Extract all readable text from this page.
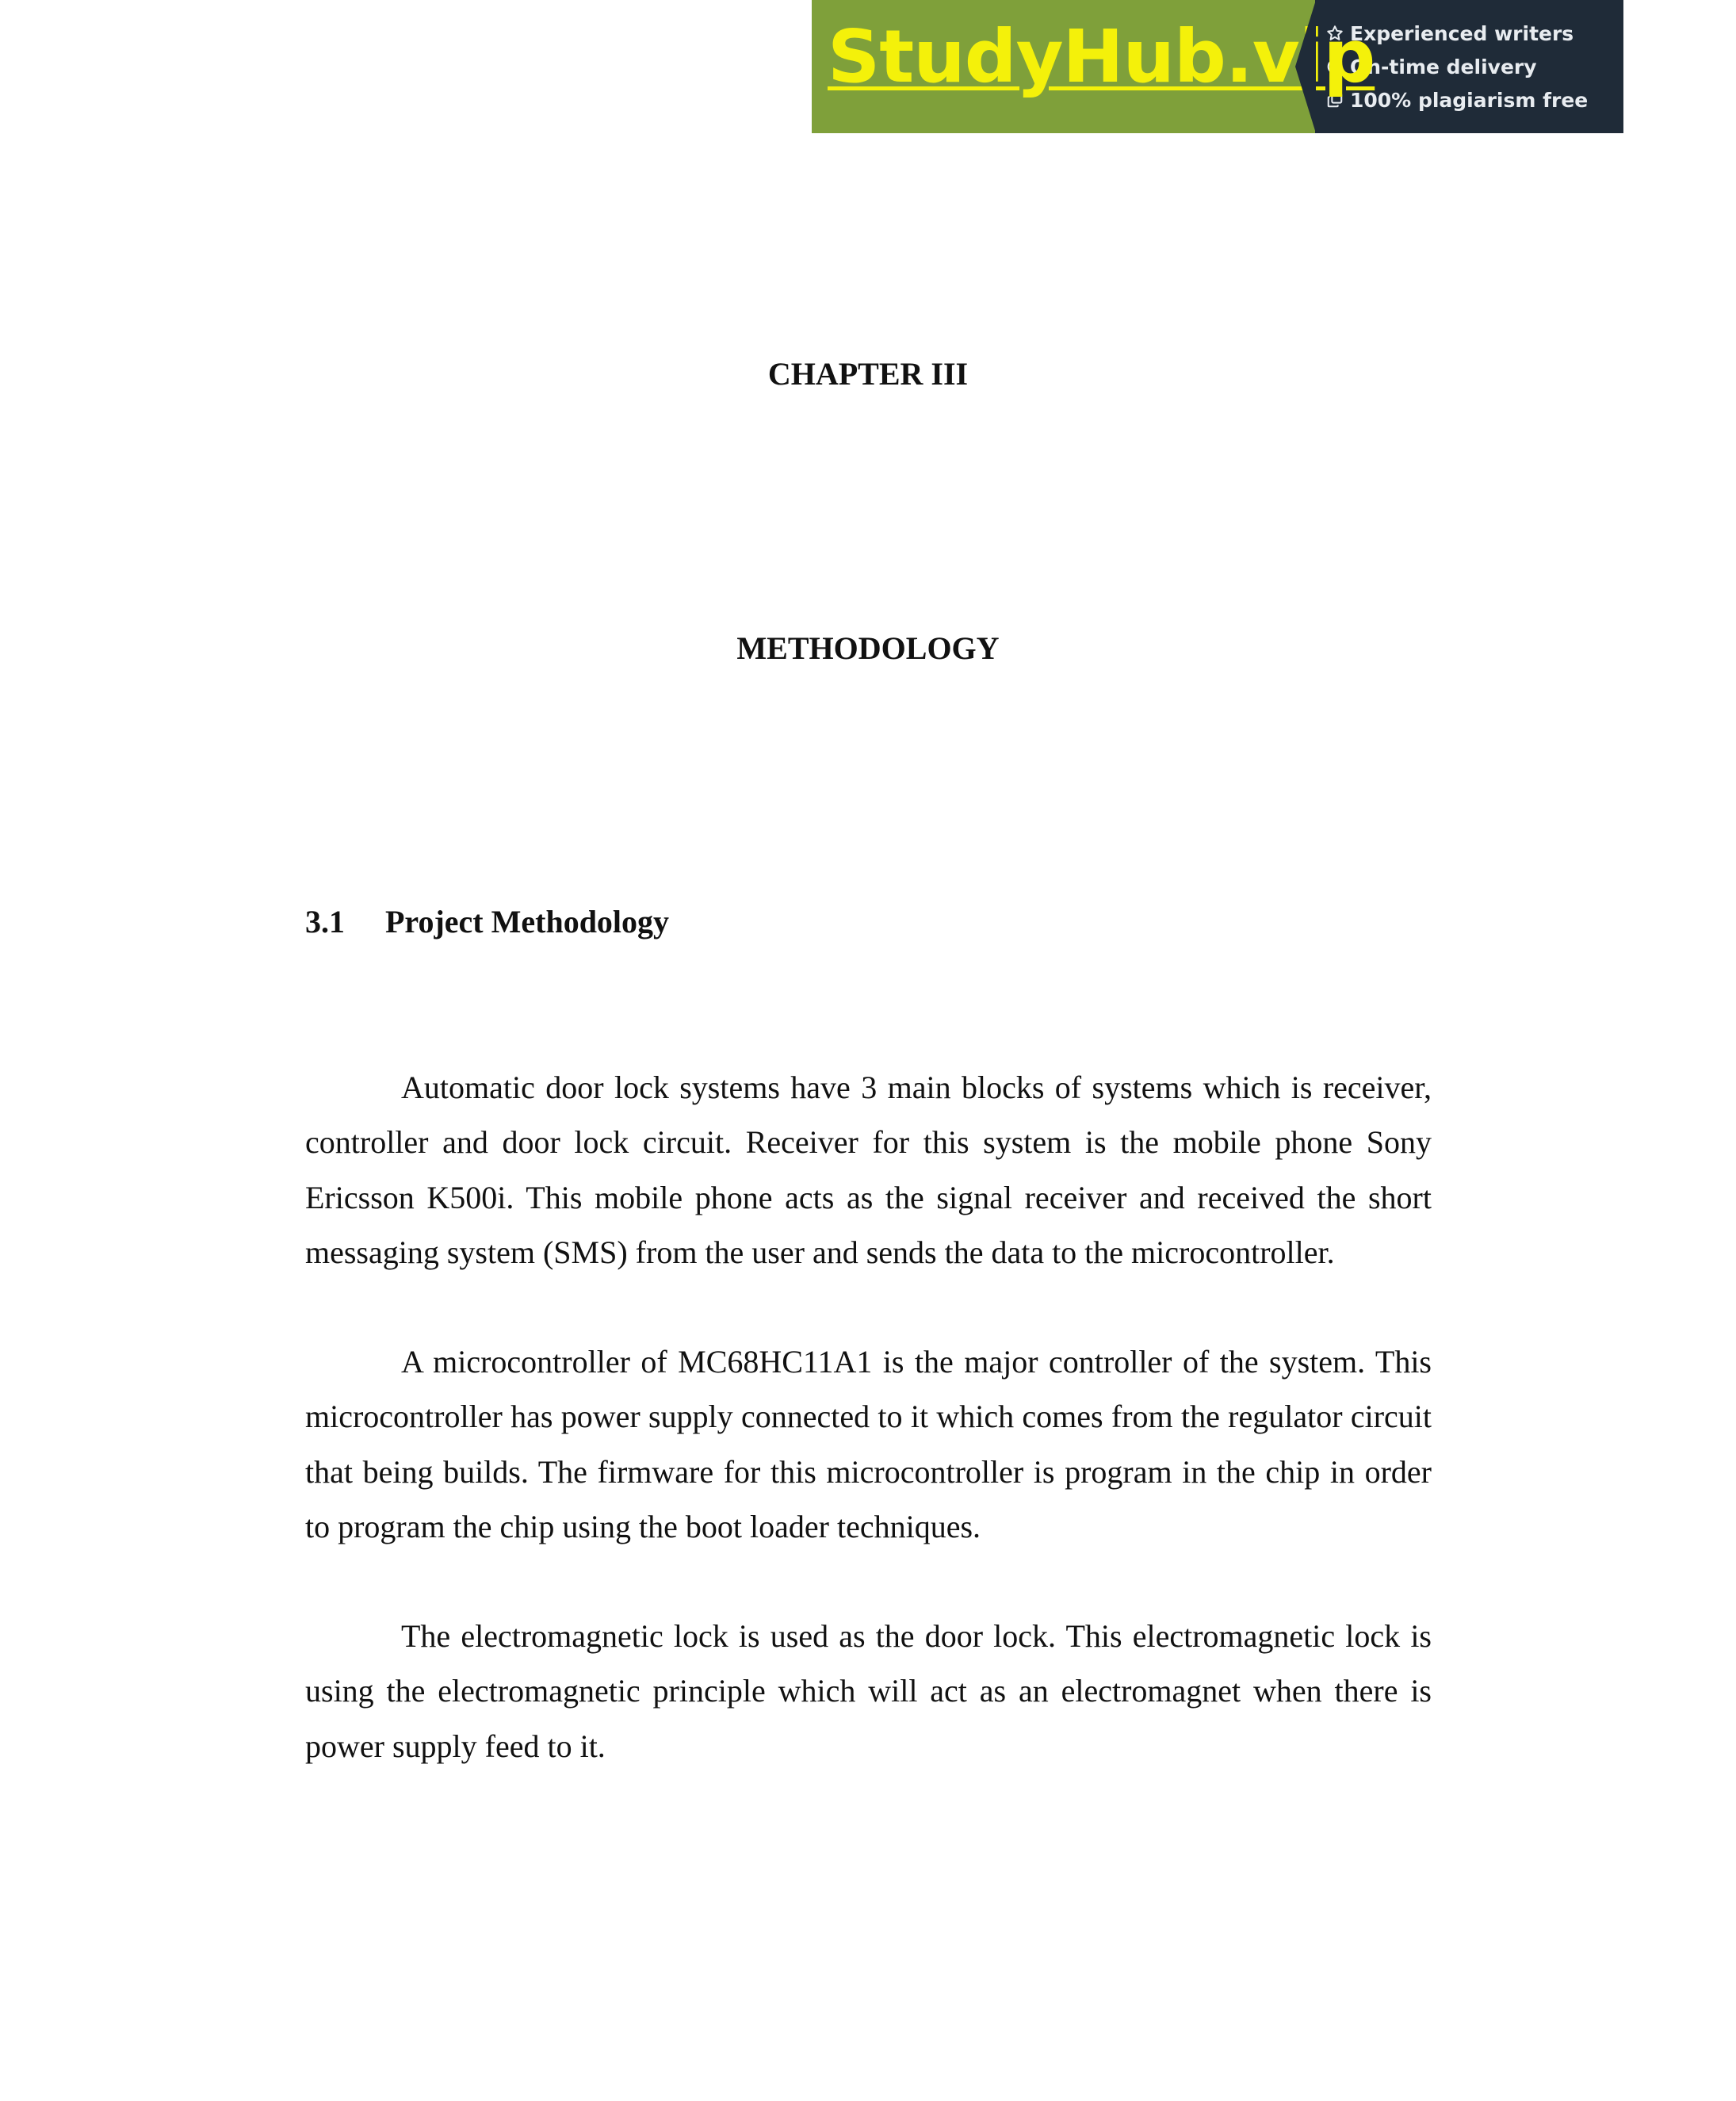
StudyHub.vip
Experienced writers
On-time delivery
100% plagiarism free
CHAPTER III
METHODOLOGY
3.1	Project Methodology

Automatic door lock systems have 3 main blocks of systems which is receiver, controller and door lock circuit. Receiver for this system is the mobile phone Sony Ericsson K500i. This mobile phone acts as the signal receiver and received the short messaging system (SMS) from the user and sends the data to the microcontroller.

A microcontroller of MC68HC11A1 is the major controller of the system. This microcontroller has power supply connected to it which comes from the regulator circuit that being builds. The firmware for this microcontroller is program in the chip in order to program the chip using the boot loader techniques.

The electromagnetic lock is used as the door lock. This electromagnetic lock is using the electromagnetic principle which will act as an electromagnet when there is power supply feed to it.
